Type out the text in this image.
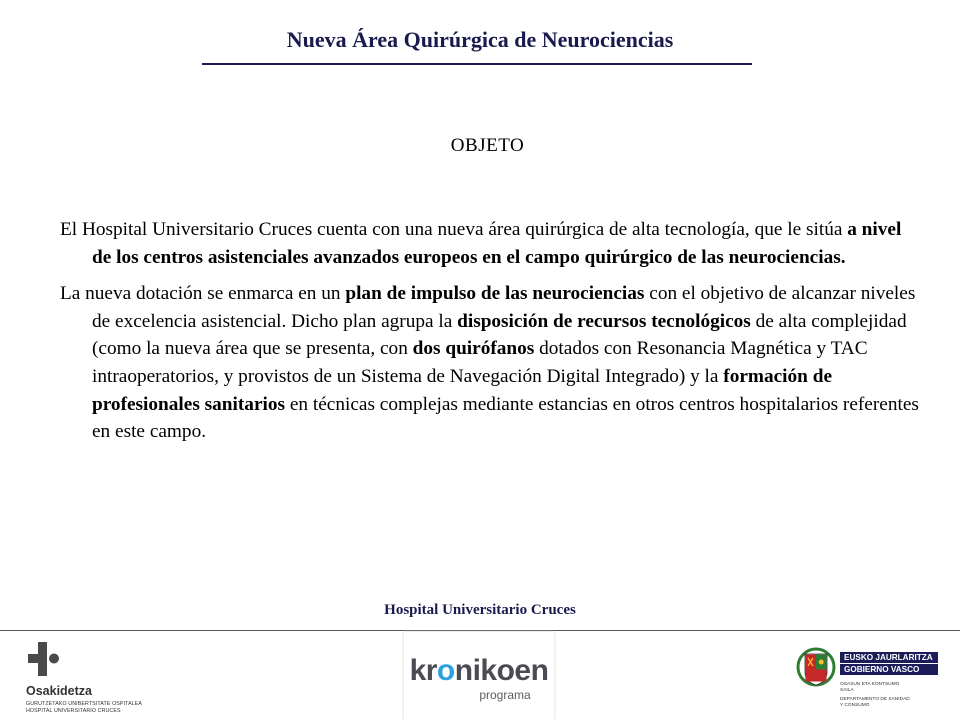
Nueva Área Quirúrgica de Neurociencias
OBJETO

El Hospital Universitario Cruces cuenta con una nueva área quirúrgica de alta tecnología, que le sitúa a nivel de los centros asistenciales avanzados europeos en el campo quirúrgico de las neurociencias.

La nueva dotación se enmarca en un plan de impulso de las neurociencias con el objetivo de alcanzar niveles de excelencia asistencial. Dicho plan agrupa la disposición de recursos tecnológicos de alta complejidad (como la nueva área que se presenta, con dos quirófanos dotados con Resonancia Magnética y TAC intraoperatorios, y provistos de un Sistema de Navegación Digital Integrado) y la formación de profesionales sanitarios en técnicas complejas mediante estancias en otros centros hospitalarios referentes en este campo.

Hospital Universitario Cruces
Osakidetza
GURUTZETAKO UNIBERTSITATE OSPITALEA
HOSPITAL UNIVERSITARIO CRUCES
kronikoen
programa
EUSKO JAURLARITZA
GOBIERNO VASCO
OSASUN ETA KONTSUMO
SAILA
DEPARTAMENTO DE SANIDAD
Y CONSUMO
